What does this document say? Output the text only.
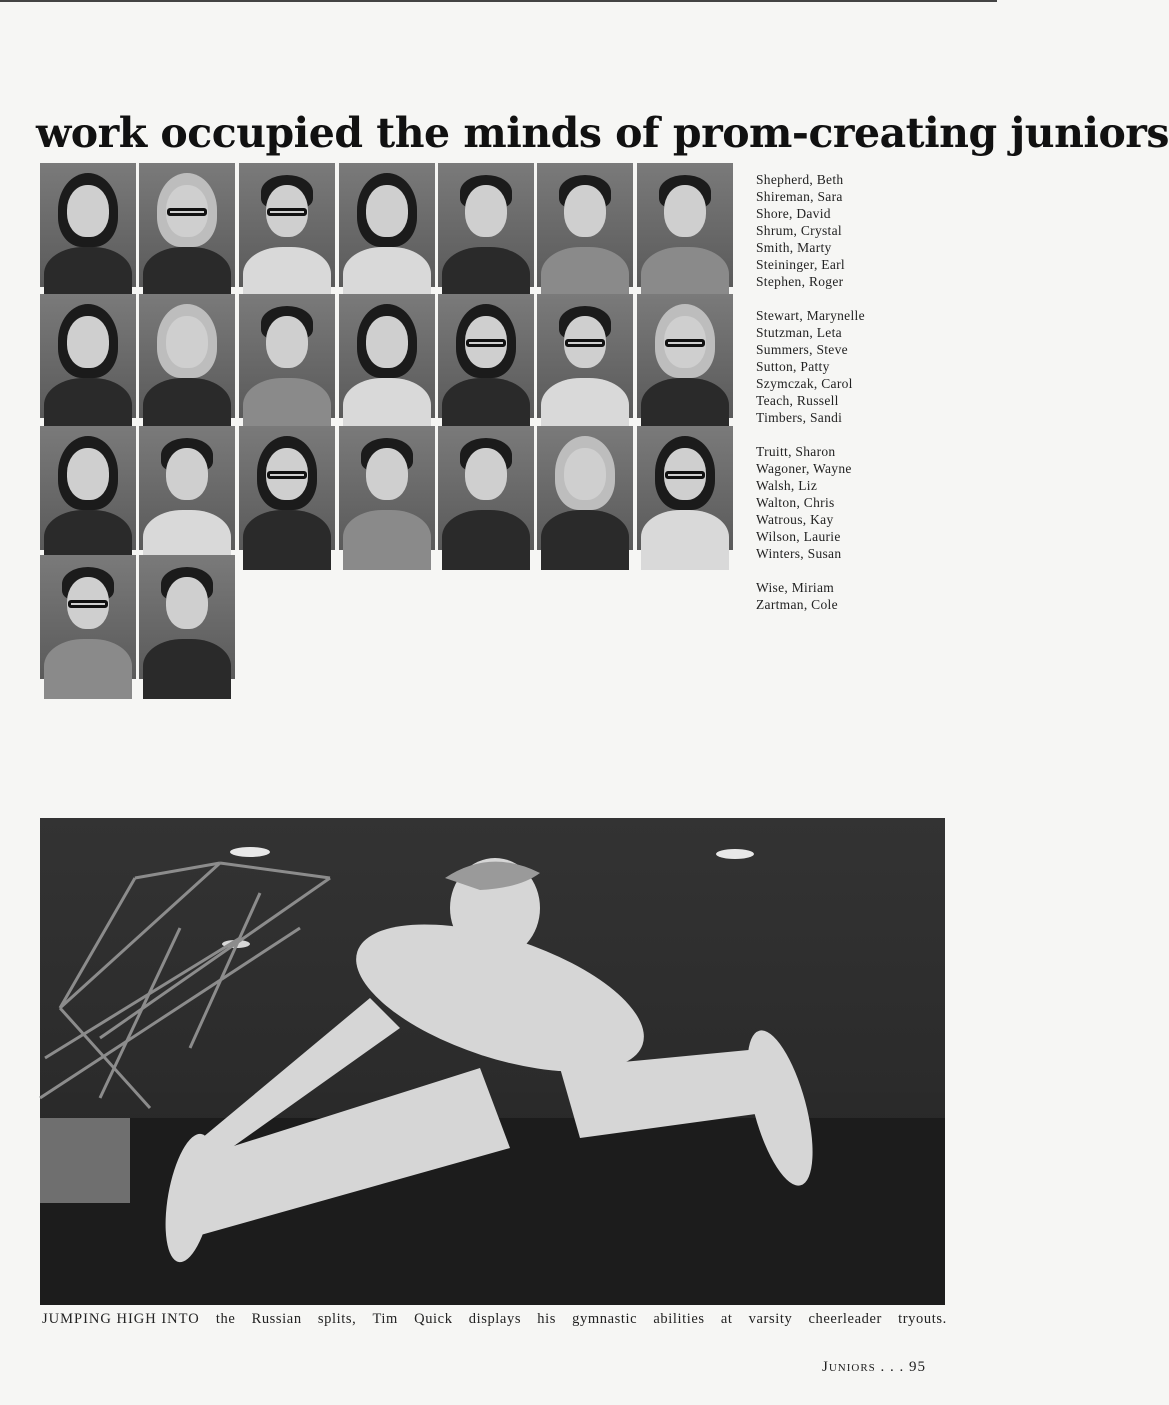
work occupied the minds of prom-creating juniors
Shepherd, Beth
Shireman, Sara
Shore, David
Shrum, Crystal
Smith, Marty
Steininger, Earl
Stephen, Roger
Stewart, Marynelle
Stutzman, Leta
Summers, Steve
Sutton, Patty
Szymczak, Carol
Teach, Russell
Timbers, Sandi
Truitt, Sharon
Wagoner, Wayne
Walsh, Liz
Walton, Chris
Watrous, Kay
Wilson, Laurie
Winters, Susan
Wise, Miriam
Zartman, Cole
JUMPING HIGH INTO the Russian splits, Tim Quick displays his gymnastic abilities at varsity cheerleader tryouts.
Juniors . . . 95
